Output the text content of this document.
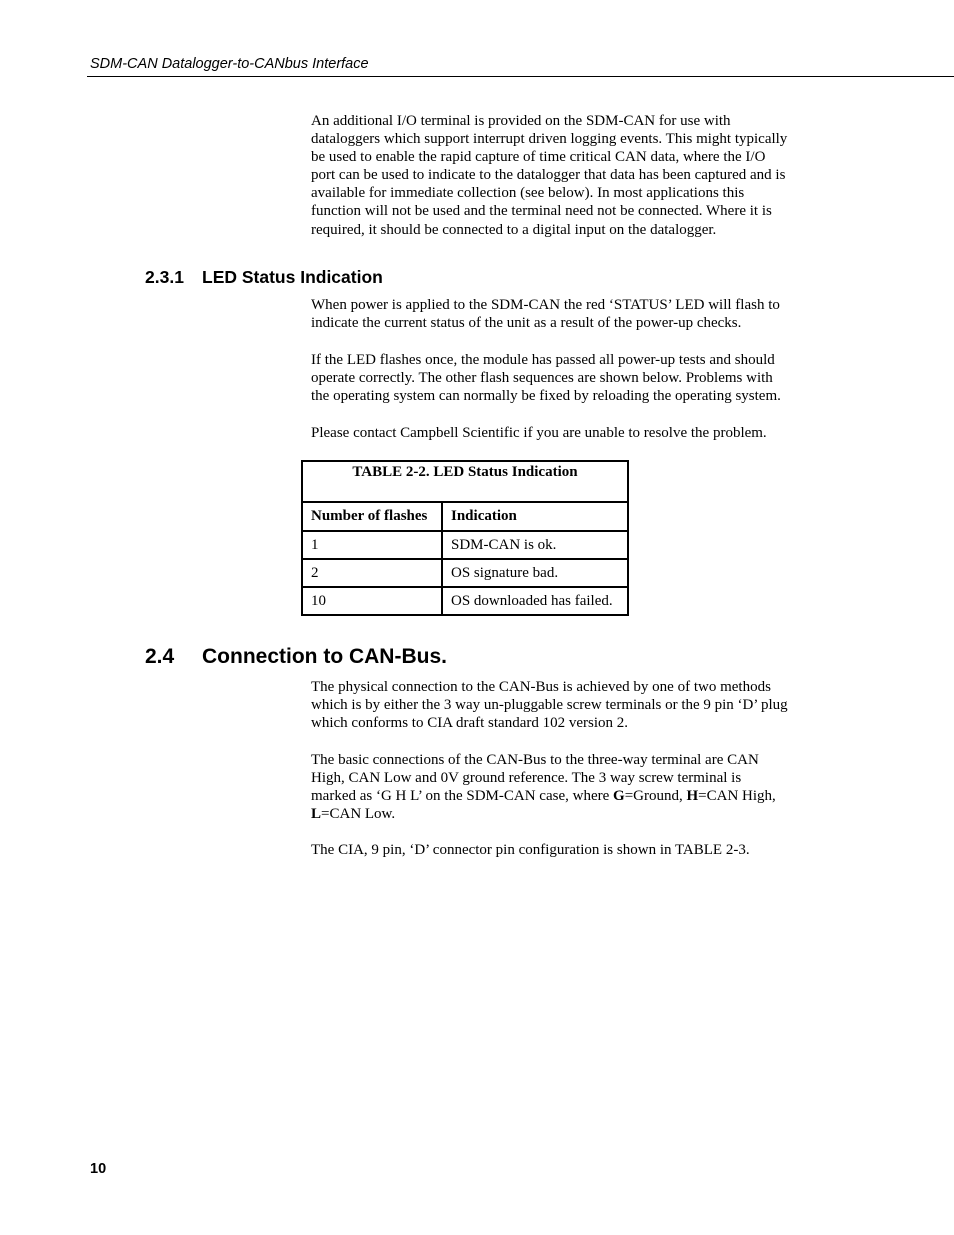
SDM-CAN Datalogger-to-CANbus Interface

An additional I/O terminal is provided on the SDM-CAN for use with
dataloggers which support interrupt driven logging events. This might typically
be used to enable the rapid capture of time critical CAN data, where the I/O
port can be used to indicate to the datalogger that data has been captured and is
available for immediate collection (see below). In most applications this
function will not be used and the terminal need not be connected. Where it is
required, it should be connected to a digital input on the datalogger.

2.3.1 LED Status Indication

When power is applied to the SDM-CAN the red ‘STATUS’ LED will flash to
indicate the current status of the unit as a result of the power-up checks.

If the LED flashes once, the module has passed all power-up tests and should
operate correctly. The other flash sequences are shown below. Problems with
the operating system can normally be fixed by reloading the operating system.

Please contact Campbell Scientific if you are unable to resolve the problem.

TABLE 2-2. LED Status Indication	
Number of flashes	Indication
1	SDM-CAN is ok.
2	OS signature bad.
10	OS downloaded has failed.
2.4 Connection to CAN-Bus.

The physical connection to the CAN-Bus is achieved by one of two methods
which is by either the 3 way un-pluggable screw terminals or the 9 pin ‘D’ plug
which conforms to CIA draft standard 102 version 2.

The basic connections of the CAN-Bus to the three-way terminal are CAN
High, CAN Low and 0V ground reference. The 3 way screw terminal is
marked as ‘G H L’ on the SDM-CAN case, where G=Ground, H=CAN High,
L=CAN Low.

The CIA, 9 pin, ‘D’ connector pin configuration is shown in TABLE 2-3.

10
